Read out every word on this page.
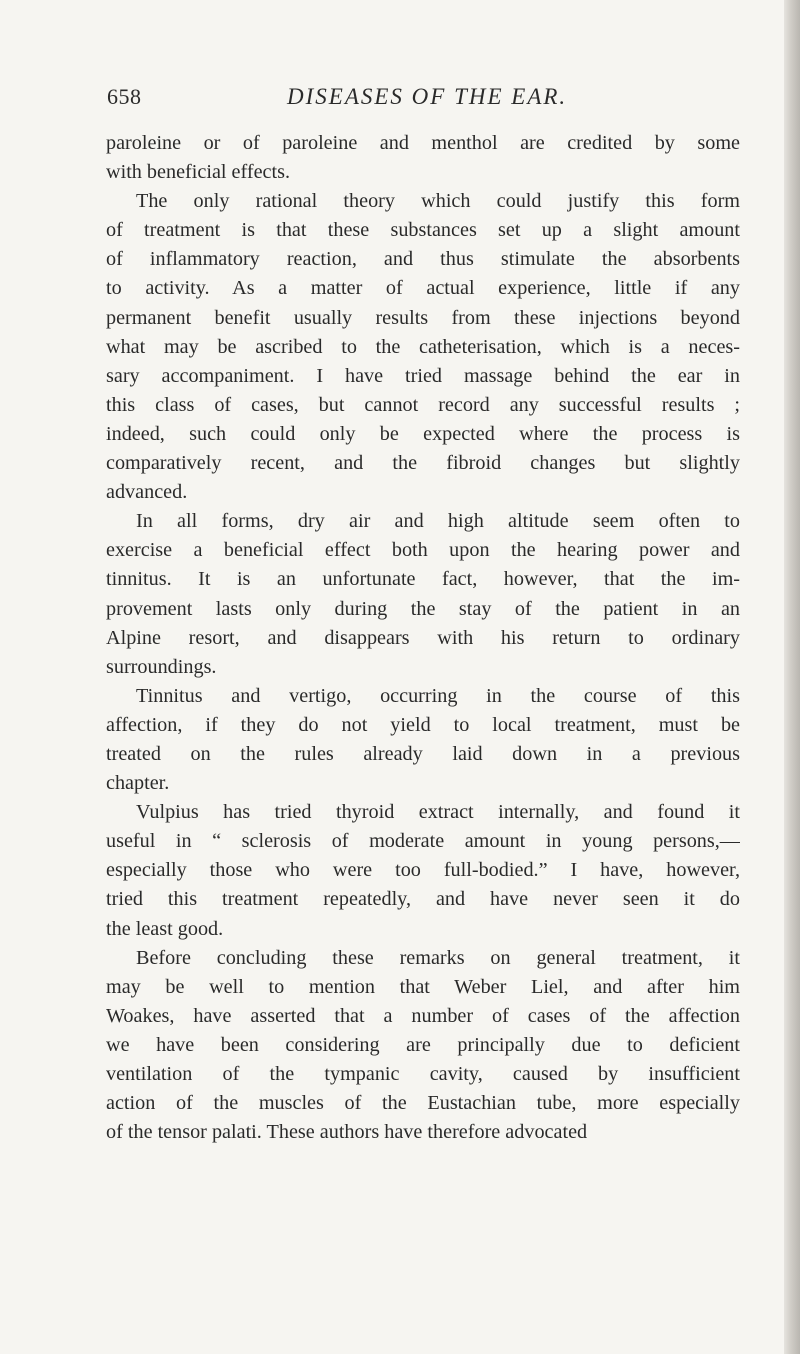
658	DISEASES OF THE EAR.
paroleine or of paroleine and menthol are credited by some
with beneficial effects.
The only rational theory which could justify this form
of treatment is that these substances set up a slight amount
of inflammatory reaction, and thus stimulate the absorbents
to activity. As a matter of actual experience, little if any
permanent benefit usually results from these injections beyond
what may be ascribed to the catheterisation, which is a neces-
sary accompaniment. I have tried massage behind the ear in
this class of cases, but cannot record any successful results ;
indeed, such could only be expected where the process is
comparatively recent, and the fibroid changes but slightly
advanced.
In all forms, dry air and high altitude seem often to
exercise a beneficial effect both upon the hearing power and
tinnitus. It is an unfortunate fact, however, that the im-
provement lasts only during the stay of the patient in an
Alpine resort, and disappears with his return to ordinary
surroundings.
Tinnitus and vertigo, occurring in the course of this
affection, if they do not yield to local treatment, must be
treated on the rules already laid down in a previous
chapter.
Vulpius has tried thyroid extract internally, and found it
useful in “ sclerosis of moderate amount in young persons,—
especially those who were too full-bodied.” I have, however,
tried this treatment repeatedly, and have never seen it do
the least good.
Before concluding these remarks on general treatment, it
may be well to mention that Weber Liel, and after him
Woakes, have asserted that a number of cases of the affection
we have been considering are principally due to deficient
ventilation of the tympanic cavity, caused by insufficient
action of the muscles of the Eustachian tube, more especially
of the tensor palati. These authors have therefore advocated
